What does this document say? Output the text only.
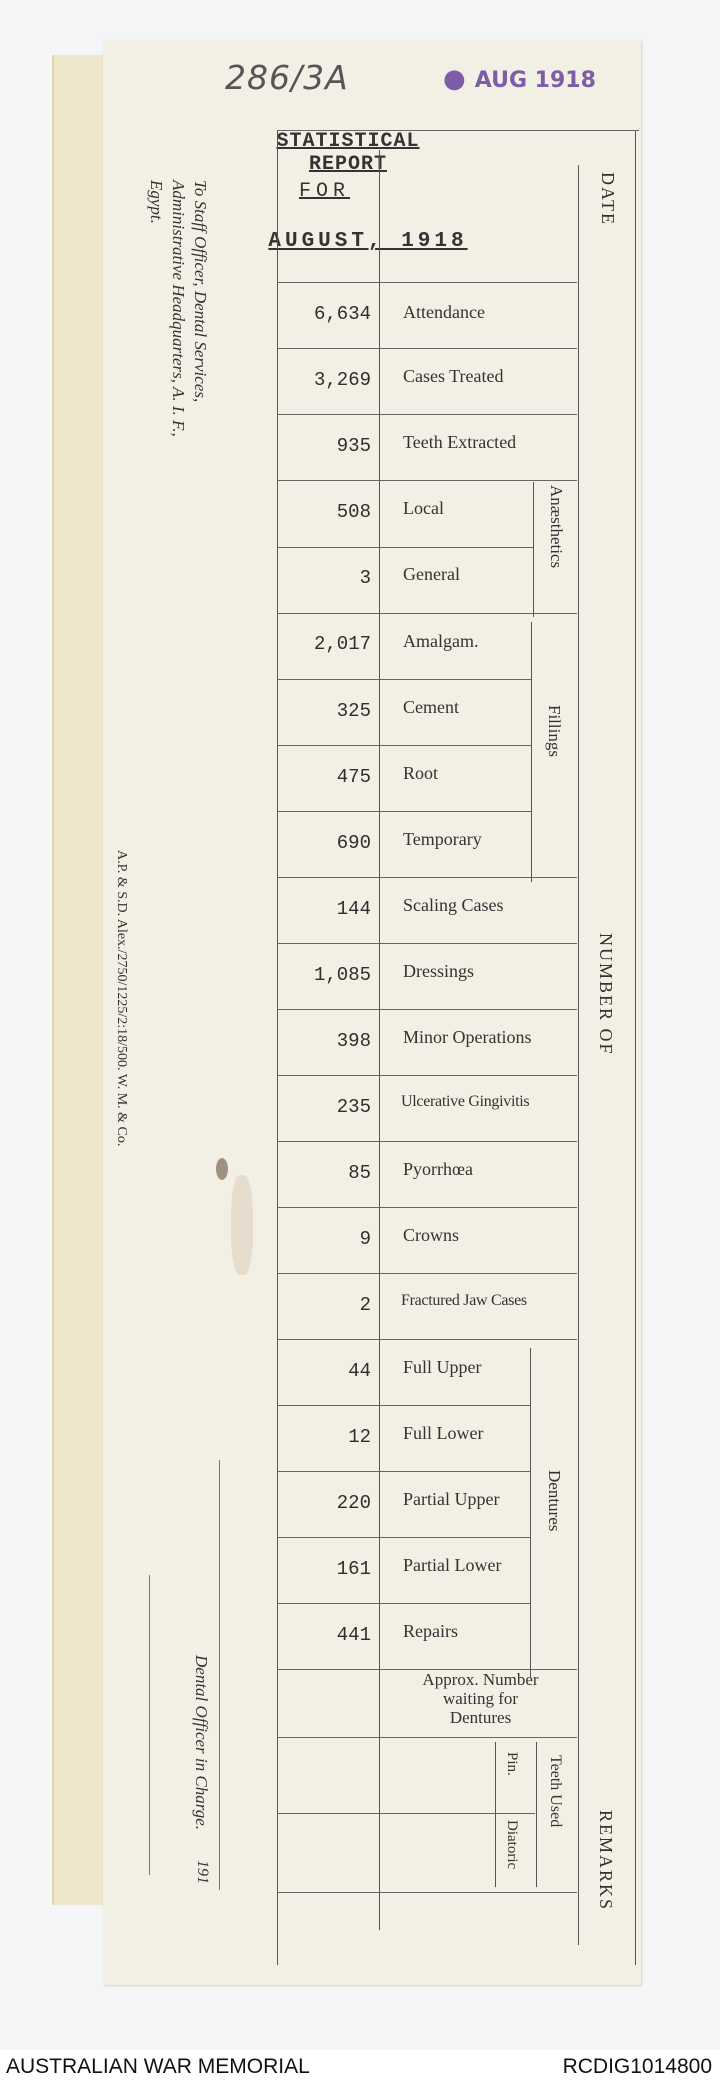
286/3A	● AUG 1918
STATISTICAL REPORT
FOR
AUGUST, 1918
DATE
To Staff Officer, Dental Services,
Administrative Headquarters, A. I. F.,
Egypt.
A.P. & S.D. Alex./2750/1225/2:18/500. W. M. & Co.
Dental Officer in Charge.
191
NUMBER OF
REMARKS
Anæsthetics
Fillings
Dentures
Teeth Used
Pin.
Diatoric
6,634 Attendance
3,269 Cases Treated
935 Teeth Extracted
508 Local
3 General
2,017 Amalgam.
325 Cement
475 Root
690 Temporary
144 Scaling Cases
1,085 Dressings
398 Minor Operations
235 Ulcerative Gingivitis
85 Pyorrhœa
9 Crowns
2 Fractured Jaw Cases
44 Full Upper
12 Full Lower
220 Partial Upper
161 Partial Lower
441 Repairs
Approx. Number
waiting for
Dentures
AUSTRALIAN WAR MEMORIAL	RCDIG1014800
